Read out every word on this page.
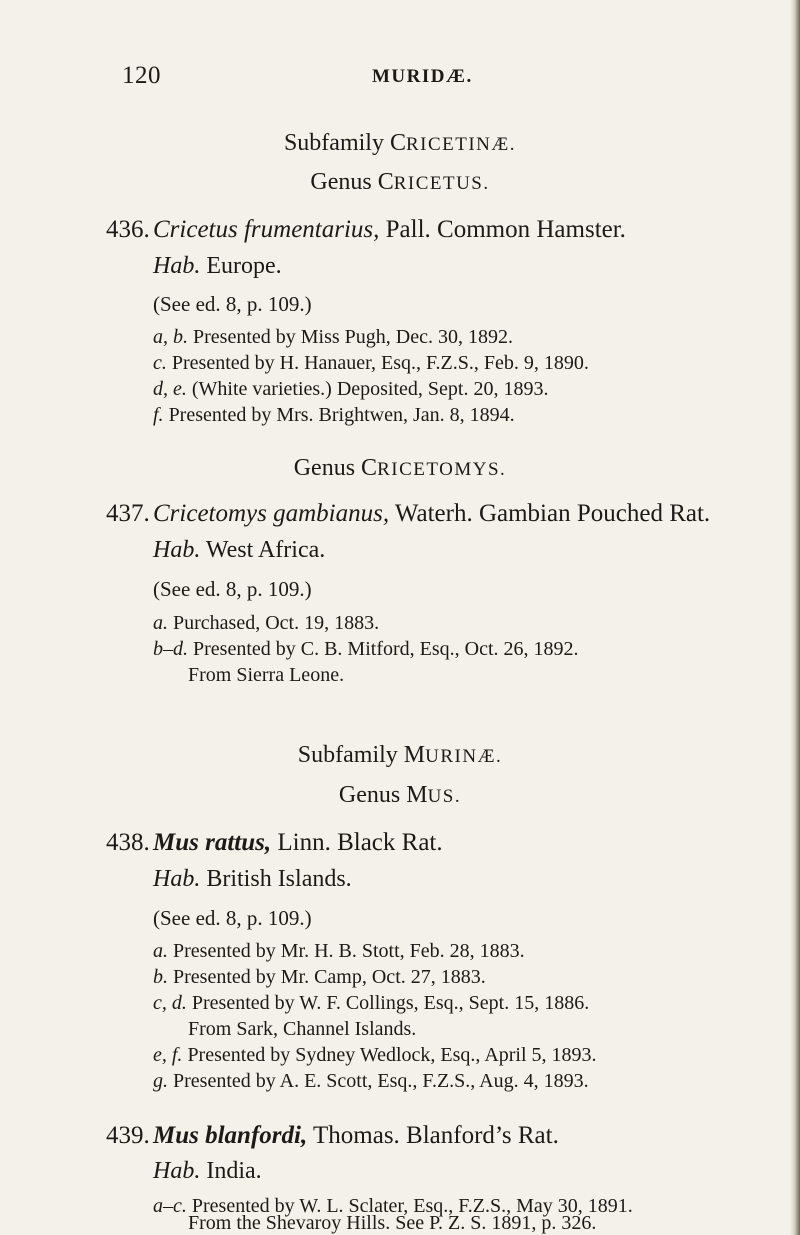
120	MURIDÆ.
Subfamily CRICETINÆ.
Genus CRICETUS.
436. Cricetus frumentarius, Pall. Common Hamster.
Hab. Europe.
(See ed. 8, p. 109.)
a, b. Presented by Miss Pugh, Dec. 30, 1892.
c. Presented by H. Hanauer, Esq., F.Z.S., Feb. 9, 1890.
d, e. (White varieties.) Deposited, Sept. 20, 1893.
f. Presented by Mrs. Brightwen, Jan. 8, 1894.
Genus CRICETOMYS.
437. Cricetomys gambianus, Waterh. Gambian Pouched Rat.
Hab. West Africa.
(See ed. 8, p. 109.)
a. Purchased, Oct. 19, 1883.
b–d. Presented by C. B. Mitford, Esq., Oct. 26, 1892.
From Sierra Leone.
Subfamily MURINÆ.
Genus MUS.
438. Mus rattus, Linn. Black Rat.
Hab. British Islands.
(See ed. 8, p. 109.)
a. Presented by Mr. H. B. Stott, Feb. 28, 1883.
b. Presented by Mr. Camp, Oct. 27, 1883.
c, d. Presented by W. F. Collings, Esq., Sept. 15, 1886.
From Sark, Channel Islands.
e, f. Presented by Sydney Wedlock, Esq., April 5, 1893.
g. Presented by A. E. Scott, Esq., F.Z.S., Aug. 4, 1893.
439. Mus blanfordi, Thomas. Blanford’s Rat.
Hab. India.
a–c. Presented by W. L. Sclater, Esq., F.Z.S., May 30, 1891.
From the Shevaroy Hills. See P. Z. S. 1891, p. 326.
